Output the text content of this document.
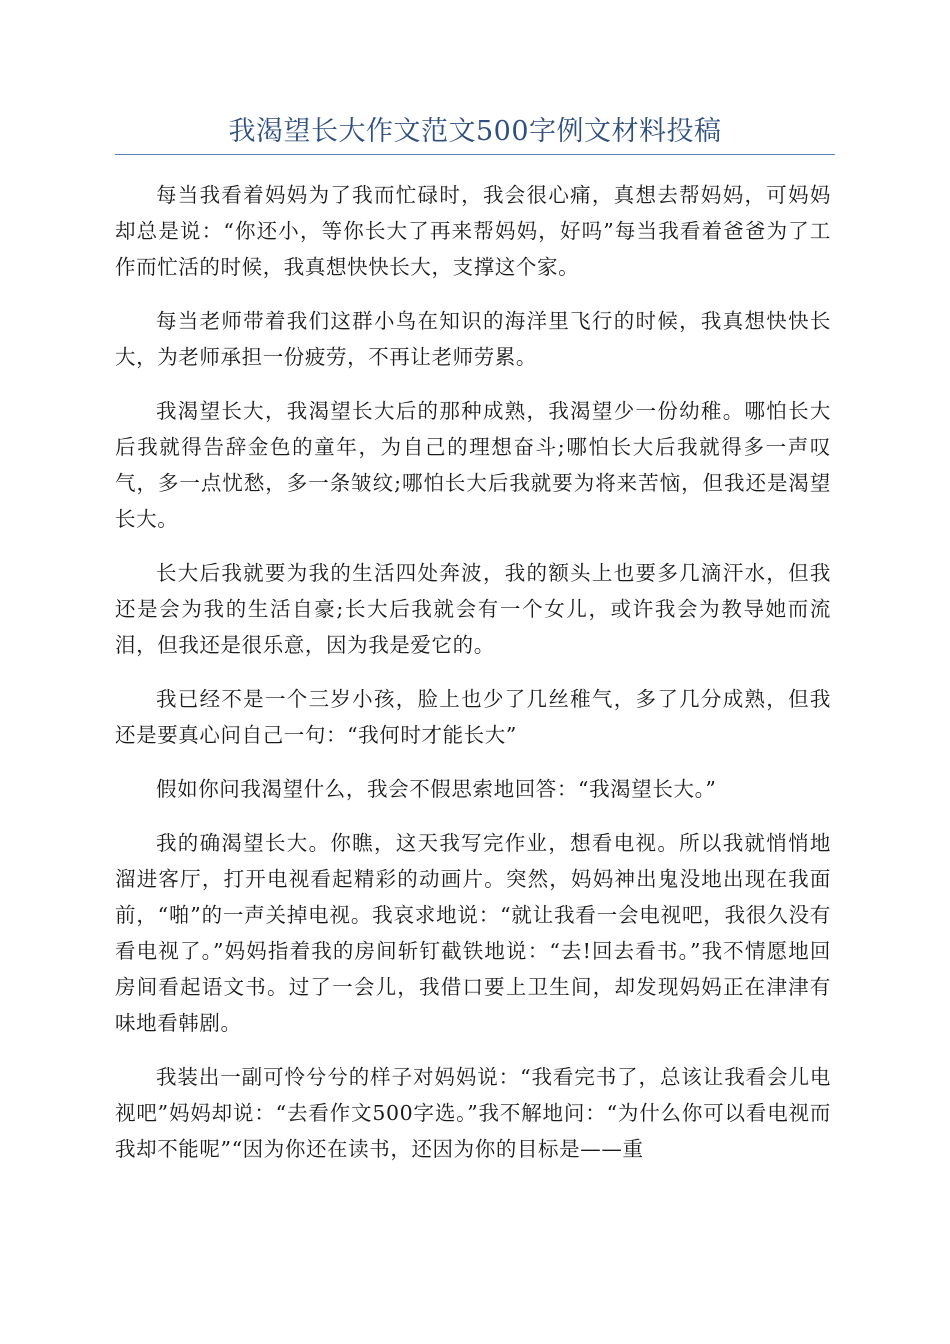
我渴望长大作文范文500字例文材料投稿

每当我看着妈妈为了我而忙碌时，我会很心痛，真想去帮妈妈，可妈妈却总是说：“你还小，等你长大了再来帮妈妈，好吗”每当我看着爸爸为了工作而忙活的时候，我真想快快长大，支撑这个家。

每当老师带着我们这群小鸟在知识的海洋里飞行的时候，我真想快快长大，为老师承担一份疲劳，不再让老师劳累。

我渴望长大，我渴望长大后的那种成熟，我渴望少一份幼稚。哪怕长大后我就得告辞金色的童年，为自己的理想奋斗;哪怕长大后我就得多一声叹气，多一点忧愁，多一条皱纹;哪怕长大后我就要为将来苦恼，但我还是渴望长大。

长大后我就要为我的生活四处奔波，我的额头上也要多几滴汗水，但我还是会为我的生活自豪;长大后我就会有一个女儿，或许我会为教导她而流泪，但我还是很乐意，因为我是爱它的。

我已经不是一个三岁小孩，脸上也少了几丝稚气，多了几分成熟，但我还是要真心问自己一句：“我何时才能长大”

假如你问我渴望什么，我会不假思索地回答：“我渴望长大。”

我的确渴望长大。你瞧，这天我写完作业，想看电视。所以我就悄悄地溜进客厅，打开电视看起精彩的动画片。突然，妈妈神出鬼没地出现在我面前，“啪”的一声关掉电视。我哀求地说：“就让我看一会电视吧，我很久没有看电视了。”妈妈指着我的房间斩钉截铁地说：“去!回去看书。”我不情愿地回房间看起语文书。过了一会儿，我借口要上卫生间，却发现妈妈正在津津有味地看韩剧。

我装出一副可怜兮兮的样子对妈妈说：“我看完书了，总该让我看会儿电视吧”妈妈却说：“去看作文500字选。”我不解地问：“为什么你可以看电视而我却不能呢”“因为你还在读书，还因为你的目标是——重
